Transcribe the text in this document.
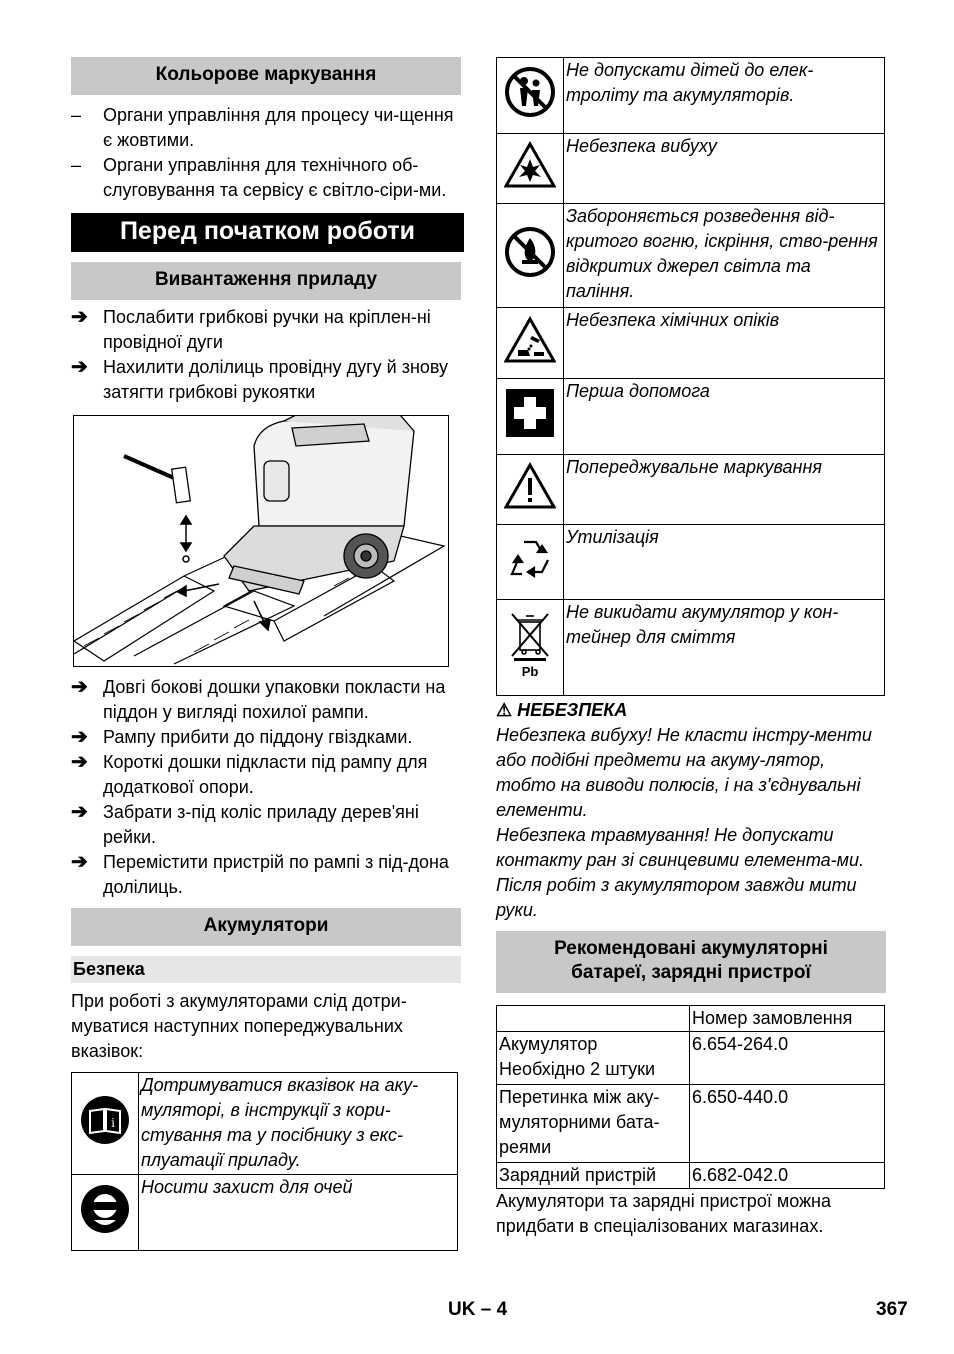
Кольорове маркування
–	Органи управління для процесу чи-щення є жовтими.
–	Органи управління для технічного об-слуговування та сервісу є світло-сіри-ми.
Перед початком роботи
Вивантаження приладу
➔ Послабити грибкові ручки на кріплен-ні провідної дуги
➔ Нахилити долілиць провідну дугу й знову затягти грибкові рукоятки
➔ Довгі бокові дошки упаковки покласти на піддон у вигляді похилої рампи.
➔ Рампу прибити до піддону гвіздками.
➔ Короткі дошки підкласти під рампу для додаткової опори.
➔ Забрати з-під коліс приладу дерев'яні рейки.
➔ Перемістити пристрій по рампі з під-дона долілиць.
Акумулятори
Безпека

При роботі з акумуляторами слід дотри-муватися наступних попереджувальних вказівок:

i	Дотримуватися вказівок на аку-муляторі, в інструкції з кори-стування та у посібнику з екс-плуатації приладу.
	Носити захист для очей
	Не допускати дітей до елек-троліту та акумуляторів.
	Небезпека вибуху
	Забороняється розведення від-критого вогню, іскріння, ство-рення відкритих джерел світла та паління.
	Небезпека хімічних опіків
	Перша допомога
	Попереджувальне маркування
	Утилізація

Pb	Не викидати акумулятор у кон-тейнер для сміття
⚠ НЕБЕЗПЕКА

Небезпека вибуху! Не класти інстру-менти або подібні предмети на акуму-лятор, тобто на виводи полюсів, і на з'єднувальні елементи.

Небезпека травмування! Не допускати контакту ран зі свинцевими елемента-ми. Після робіт з акумулятором завжди мити руки.

Рекомендовані акумуляторні
батареї, зарядні пристрої
	Номер замовлення
Акумулятор Необхідно 2 штуки	6.654-264.0
Перетинка між аку-муляторними бата-реями	6.650-440.0
Зарядний пристрій	6.682-042.0

Акумулятори та зарядні пристрої можна придбати в спеціалізованих магазинах.

UK – 4	367
